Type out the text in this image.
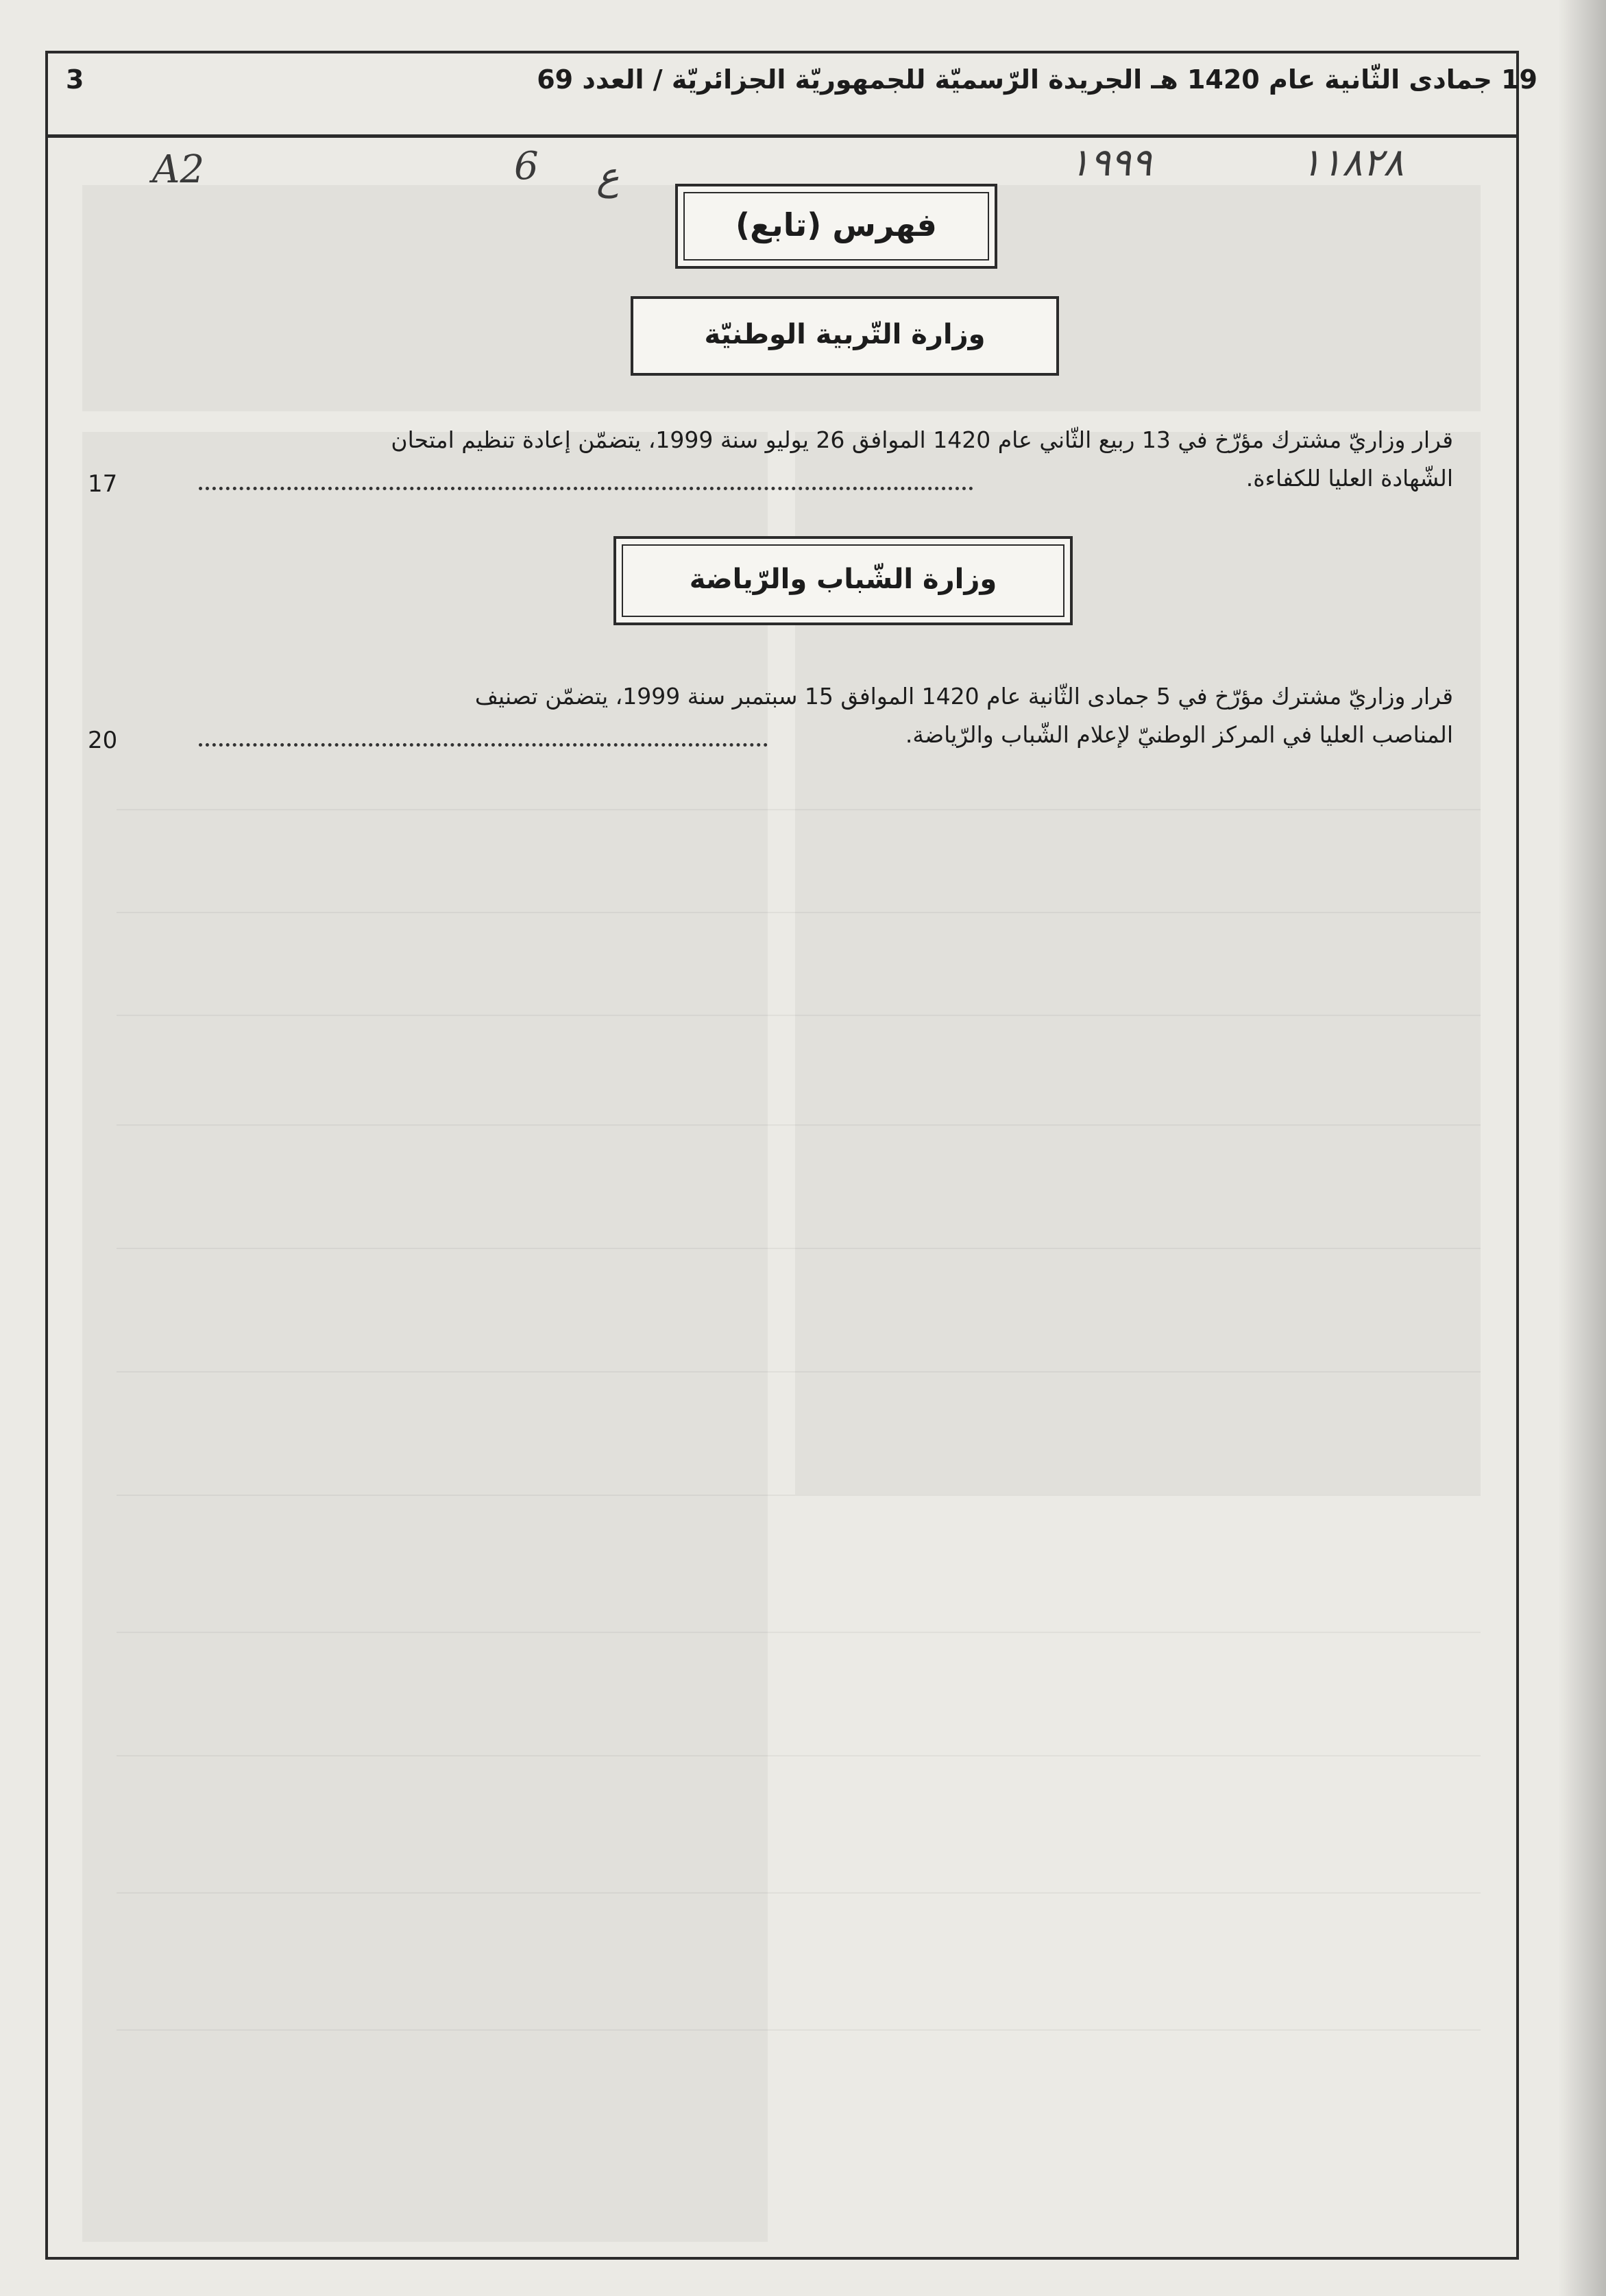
19 جمادى الثّانية عام 1420 هـ الجريدة الرّسميّة للجمهوريّة الجزائريّة / العدد 69
3
١١٨٢٨
١٩٩٩
ع
6
A2
فهرس (تابع)
وزارة التّربية الوطنيّة
قرار وزاريّ مشترك مؤرّخ في 13 ربيع الثّاني عام 1420 الموافق 26 يوليو سنة 1999، يتضمّن إعادة تنظيم امتحان
الشّهادة العليا للكفاءة.
17
وزارة الشّباب والرّياضة
قرار وزاريّ مشترك مؤرّخ في 5 جمادى الثّانية عام 1420 الموافق 15 سبتمبر سنة 1999، يتضمّن تصنيف
المناصب العليا في المركز الوطنيّ لإعلام الشّباب والرّياضة.
20
